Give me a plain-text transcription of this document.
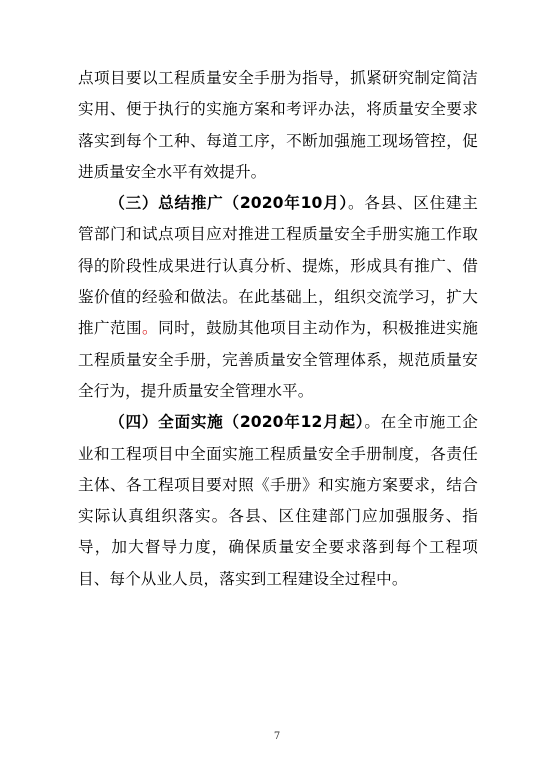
点项目要以工程质量安全手册为指导，抓紧研究制定简洁实用、便于执行的实施方案和考评办法，将质量安全要求落实到每个工种、每道工序，不断加强施工现场管控，促进质量安全水平有效提升。

（三）总结推广（2020年10月）。各县、区住建主管部门和试点项目应对推进工程质量安全手册实施工作取得的阶段性成果进行认真分析、提炼，形成具有推广、借鉴价值的经验和做法。在此基础上，组织交流学习，扩大推广范围。同时，鼓励其他项目主动作为，积极推进实施工程质量安全手册，完善质量安全管理体系，规范质量安全行为，提升质量安全管理水平。

（四）全面实施（2020年12月起）。在全市施工企业和工程项目中全面实施工程质量安全手册制度，各责任主体、各工程项目要对照《手册》和实施方案要求，结合实际认真组织落实。各县、区住建部门应加强服务、指导，加大督导力度，确保质量安全要求落到每个工程项目、每个从业人员，落实到工程建设全过程中。

7
